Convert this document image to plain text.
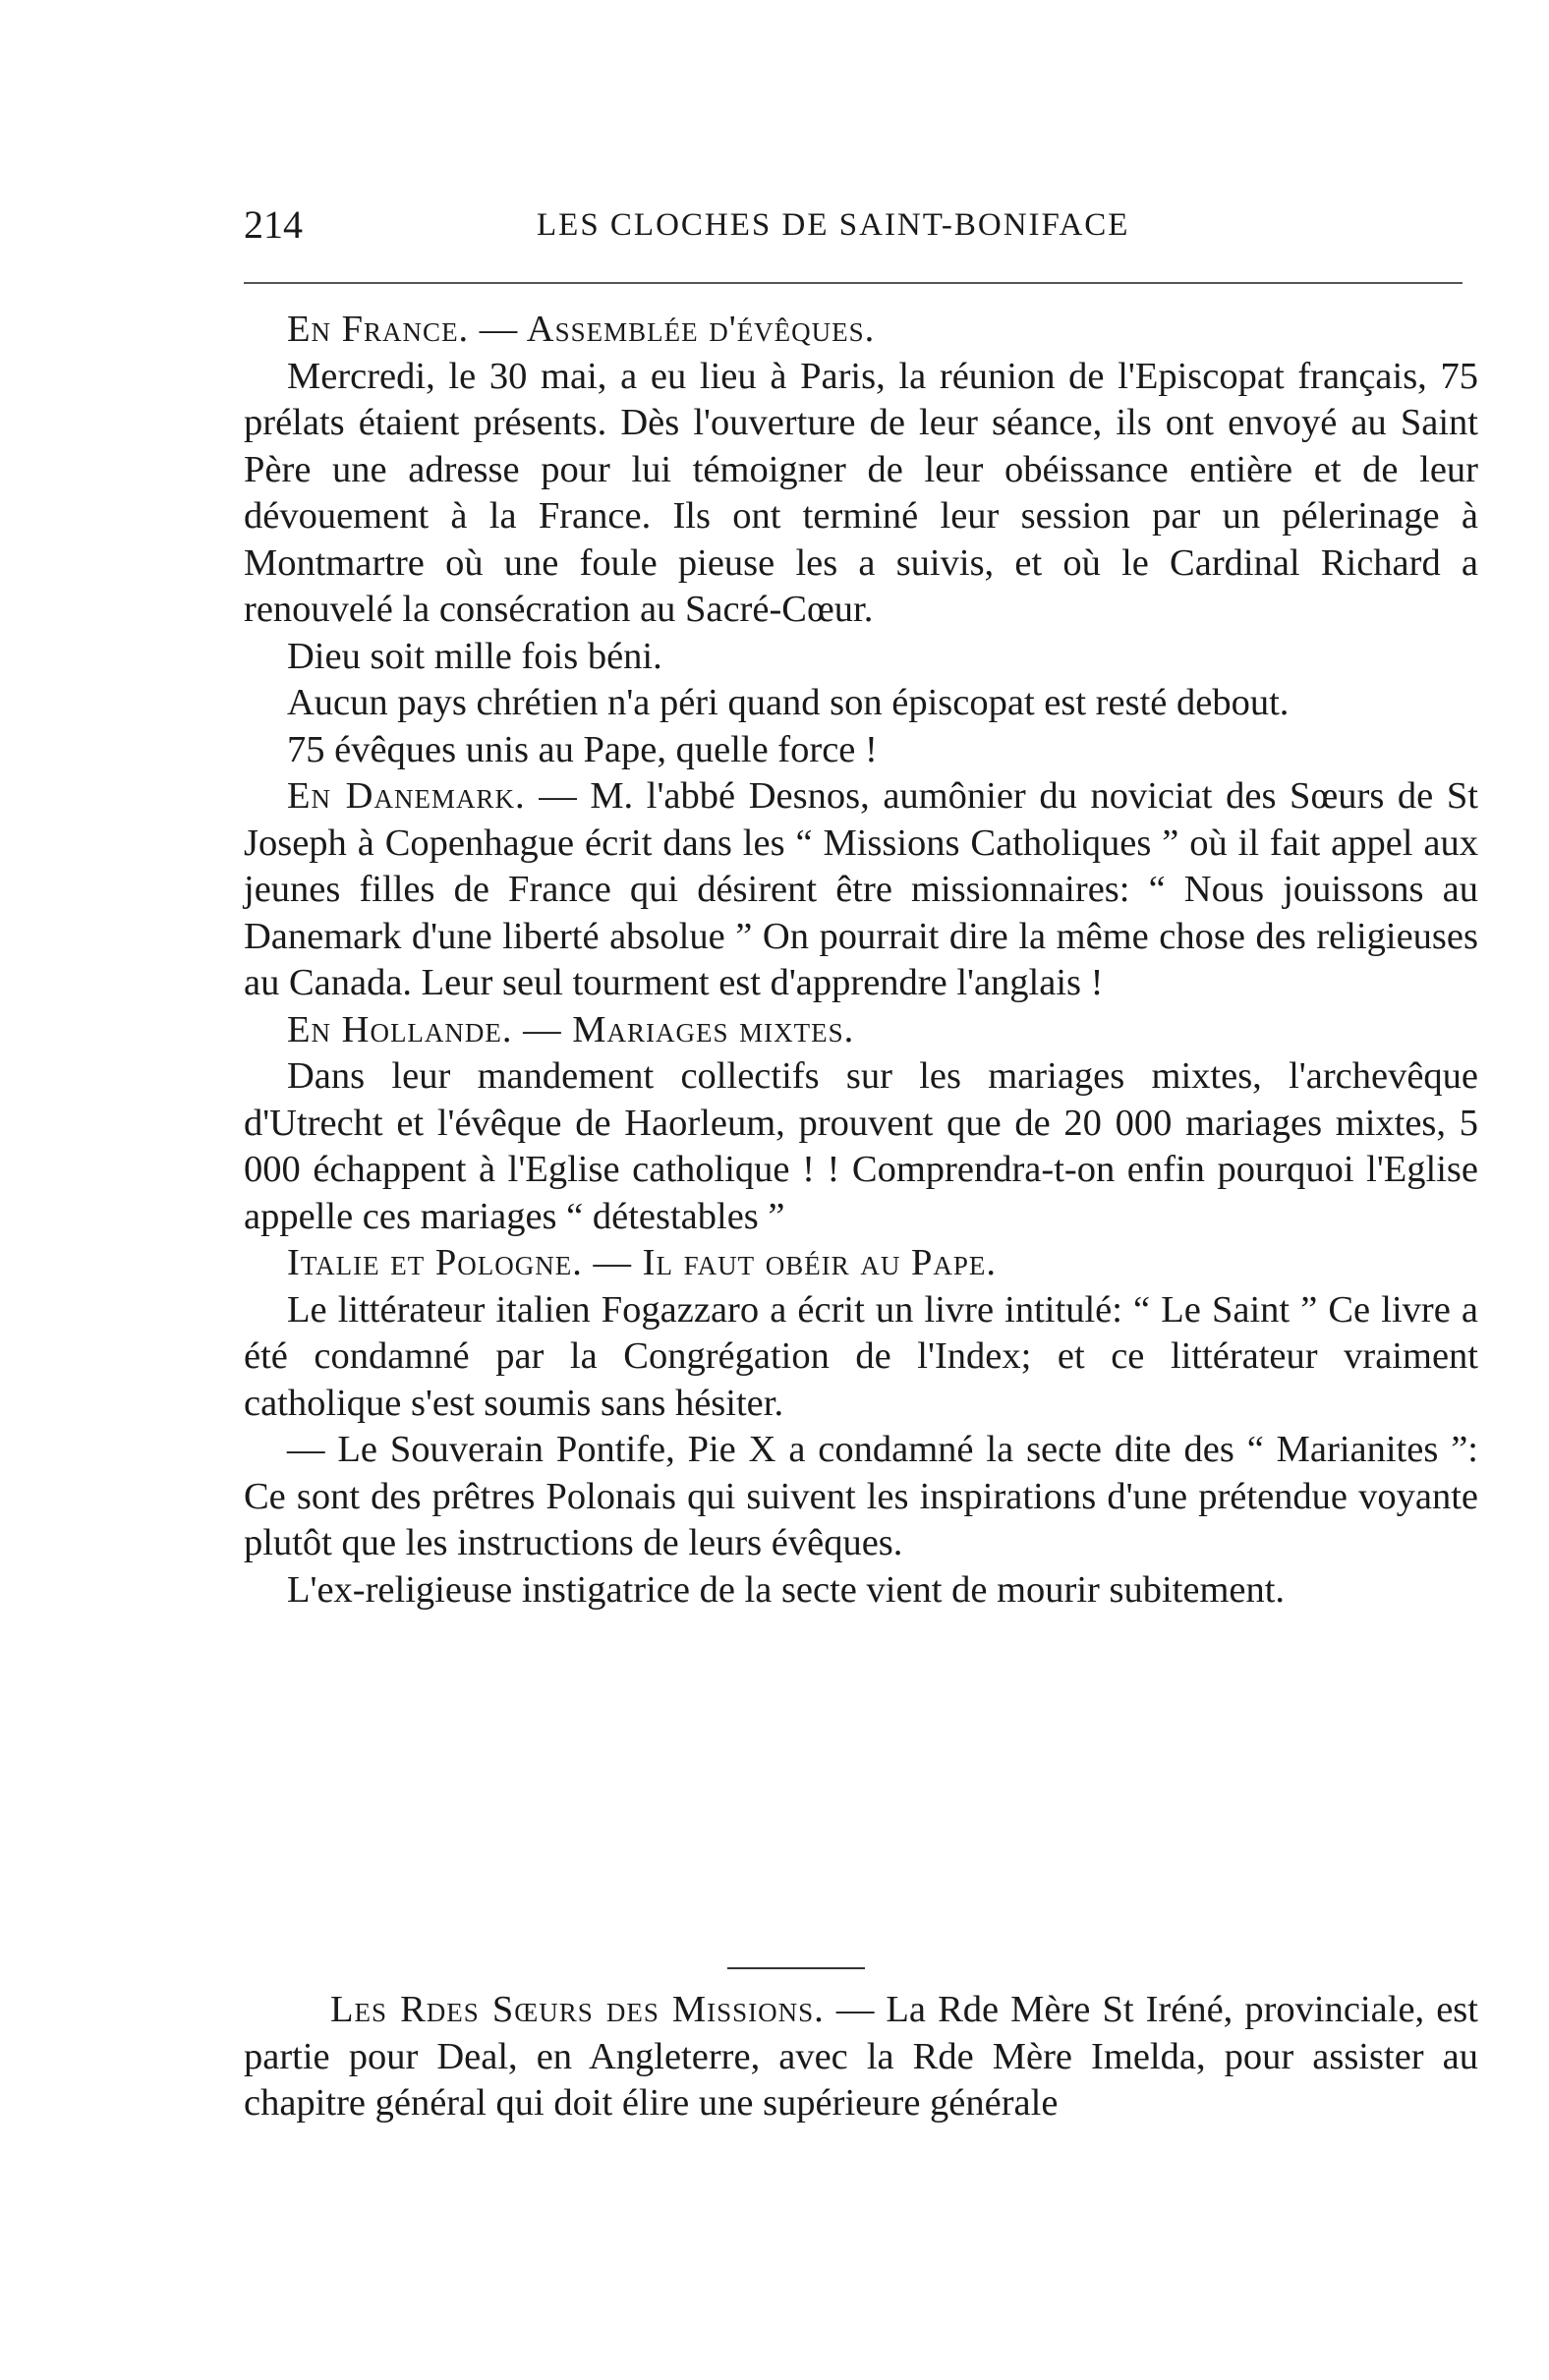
214	LES CLOCHES DE SAINT-BONIFACE

En France. — Assemblée d'évêques.

Mercredi, le 30 mai, a eu lieu à Paris, la réunion de l'Episcopat français, 75 prélats étaient présents. Dès l'ouverture de leur séance, ils ont envoyé au Saint Père une adresse pour lui témoigner de leur obéissance entière et de leur dévouement à la France. Ils ont terminé leur session par un pélerinage à Montmartre où une foule pieuse les a suivis, et où le Cardinal Richard a renouvelé la consécration au Sacré-Cœur.

Dieu soit mille fois béni.

Aucun pays chrétien n'a péri quand son épiscopat est resté debout.

75 évêques unis au Pape, quelle force !

En Danemark. — M. l'abbé Desnos, aumônier du noviciat des Sœurs de St Joseph à Copenhague écrit dans les “ Missions Catholiques ” où il fait appel aux jeunes filles de France qui désirent être missionnaires: “ Nous jouissons au Danemark d'une liberté absolue ” On pourrait dire la même chose des religieuses au Canada. Leur seul tourment est d'apprendre l'anglais !

En Hollande. — Mariages mixtes.

Dans leur mandement collectifs sur les mariages mixtes, l'archevêque d'Utrecht et l'évêque de Haorleum, prouvent que de 20 000 mariages mixtes, 5 000 échappent à l'Eglise catholique ! ! Comprendra-t-on enfin pourquoi l'Eglise appelle ces mariages “ détestables ”

Italie et Pologne. — Il faut obéir au Pape.

Le littérateur italien Fogazzaro a écrit un livre intitulé: “ Le Saint ” Ce livre a été condamné par la Congrégation de l'Index; et ce littérateur vraiment catholique s'est soumis sans hésiter.

— Le Souverain Pontife, Pie X a condamné la secte dite des “ Marianites ”: Ce sont des prêtres Polonais qui suivent les inspirations d'une prétendue voyante plutôt que les instructions de leurs évêques.

L'ex-religieuse instigatrice de la secte vient de mourir subitement.

Les Rdes Sœurs des Missions. — La Rde Mère St Iréné, provinciale, est partie pour Deal, en Angleterre, avec la Rde Mère Imelda, pour assister au chapitre général qui doit élire une supérieure générale
